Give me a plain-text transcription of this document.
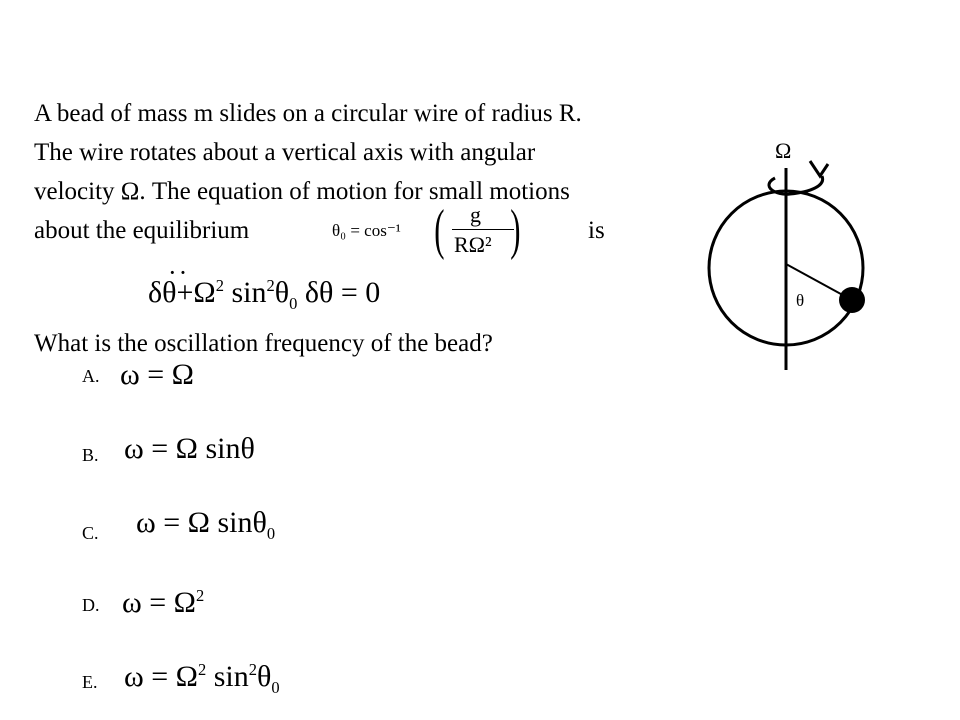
A bead of mass m slides on a circular wire of radius R.
The wire rotates about a vertical axis with angular
velocity Ω. The equation of motion for small motions
about the equilibrium	is
What is the oscillation frequency of the bead?
θ₀ = cos⁻¹ ( g
RΩ² )
··
$\delta\theta+\Omega^2$ $\sin^2\theta_0$ δθ = 0
A. ω = Ω
B. ω = Ω sinθ
C. ω = Ω sinθ$_0$
D. $\omega = \Omega^2$
E. $\omega = \Omega^2$ $\sin^2\theta_0$
Ω
θ
